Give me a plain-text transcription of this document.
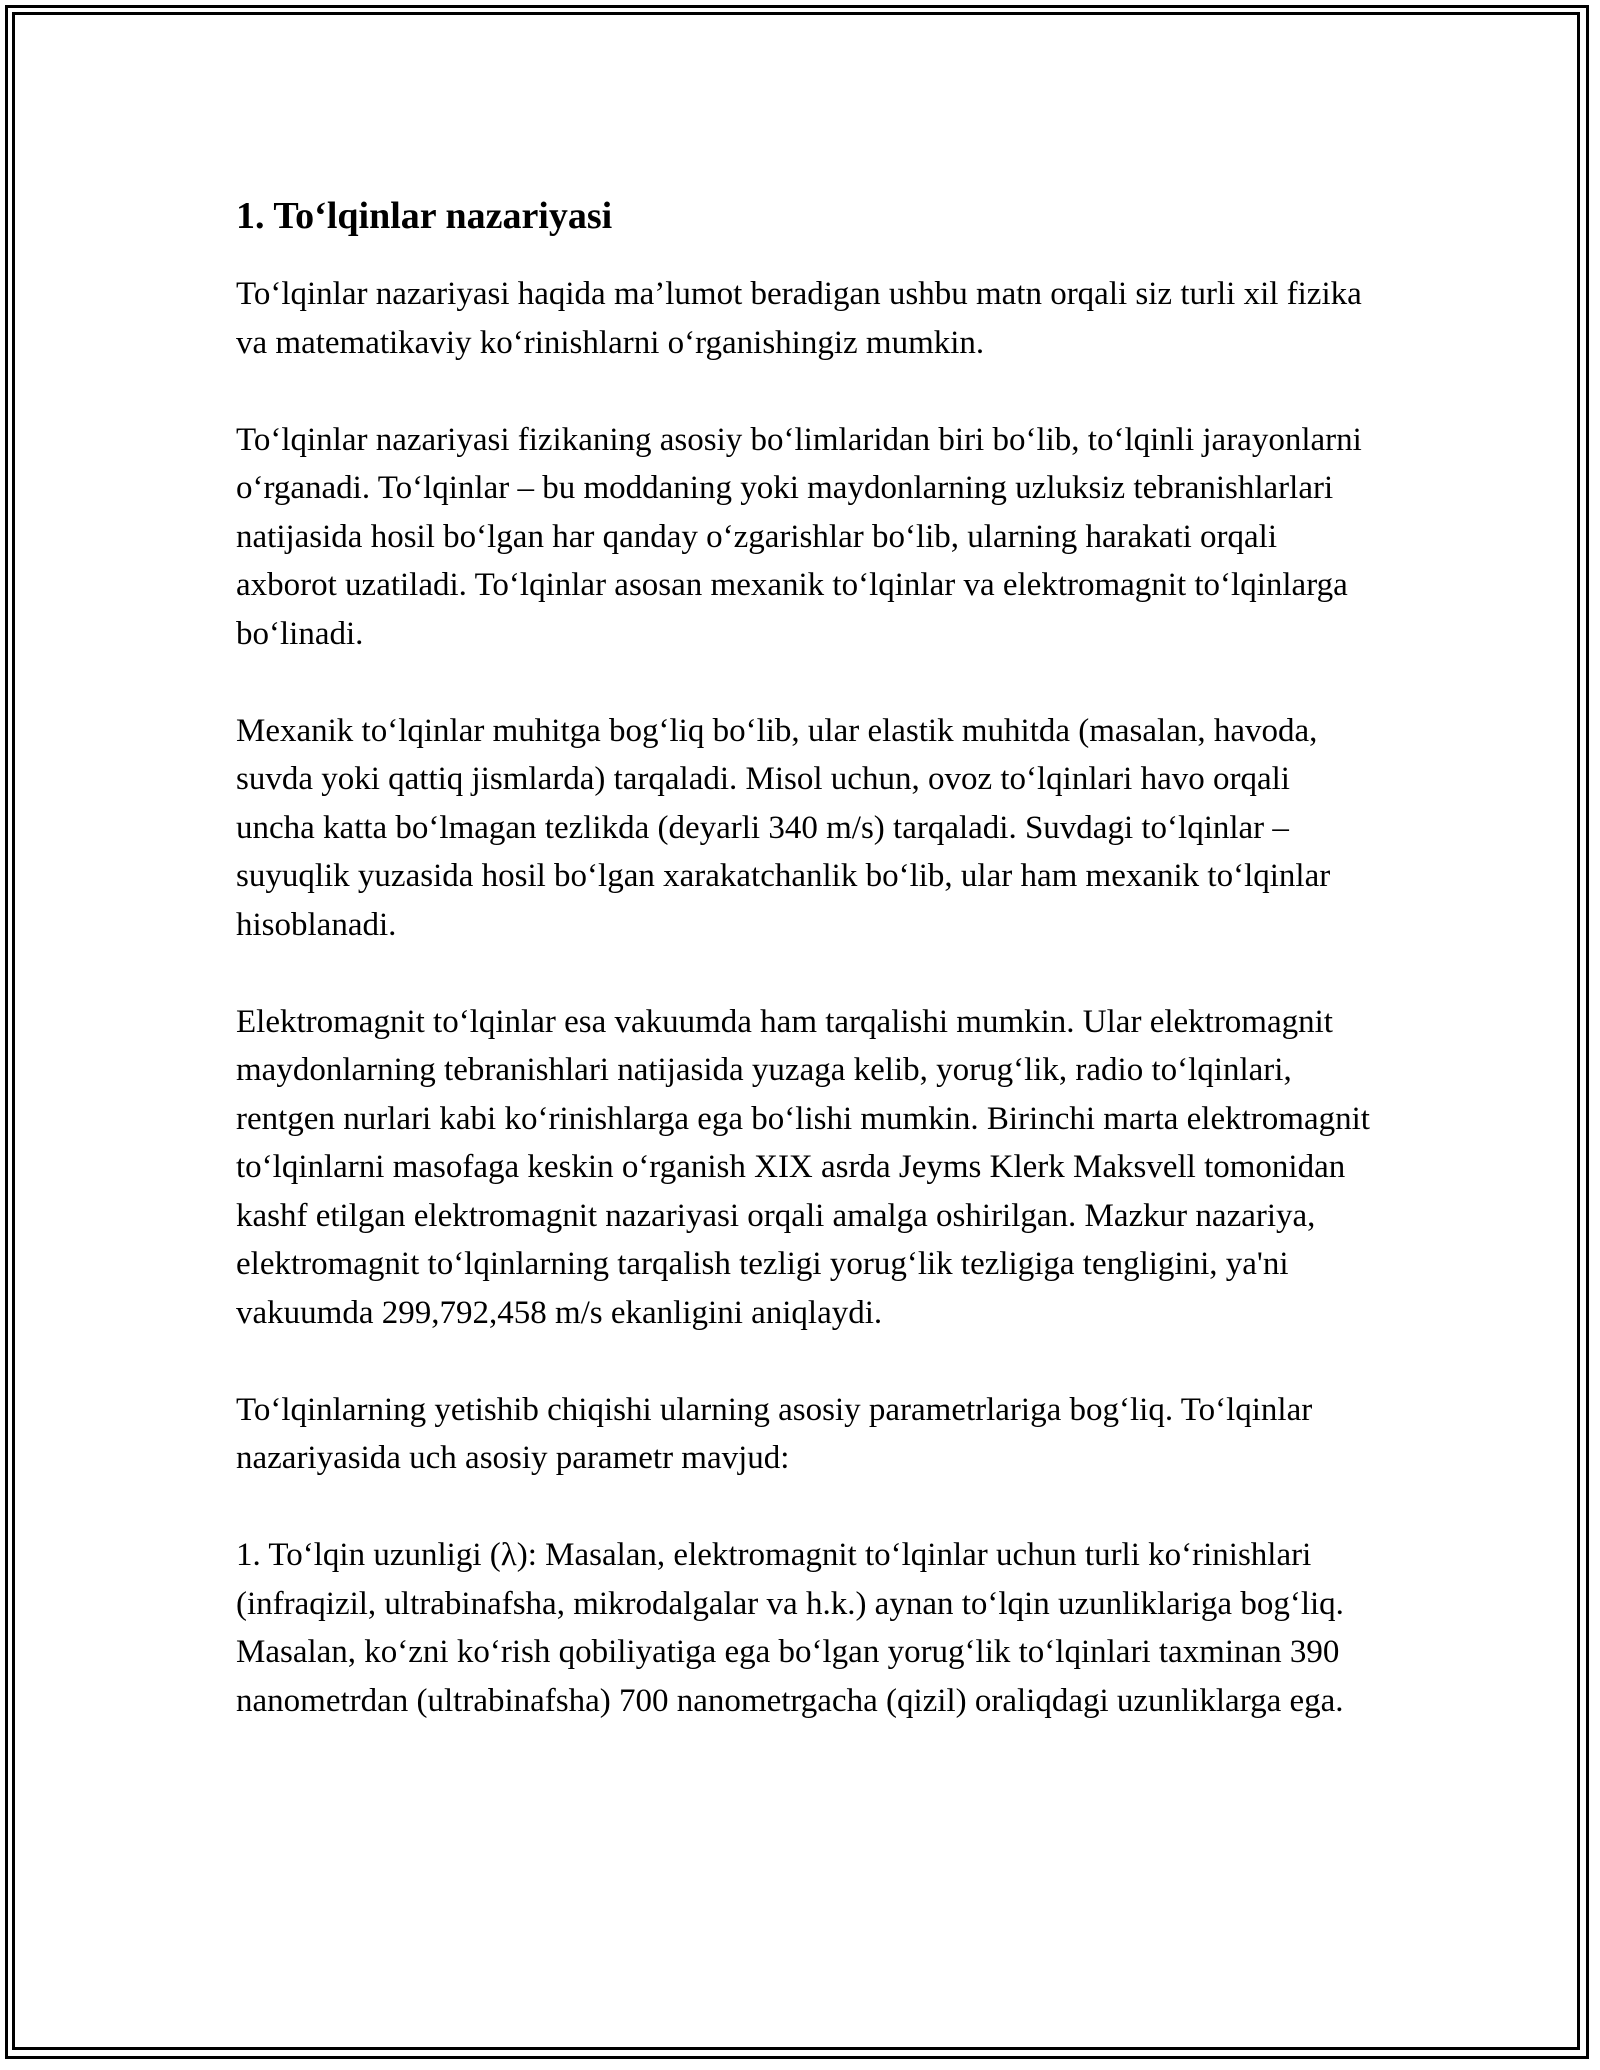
1. To‘lqinlar nazariyasi

To‘lqinlar nazariyasi haqida ma’lumot beradigan ushbu matn orqali siz turli xil fizika va matematikaviy ko‘rinishlarni o‘rganishingiz mumkin.

To‘lqinlar nazariyasi fizikaning asosiy bo‘limlaridan biri bo‘lib, to‘lqinli jarayonlarni o‘rganadi. To‘lqinlar – bu moddaning yoki maydonlarning uzluksiz tebranishlarlari natijasida hosil bo‘lgan har qanday o‘zgarishlar bo‘lib, ularning harakati orqali axborot uzatiladi. To‘lqinlar asosan mexanik to‘lqinlar va elektromagnit to‘lqinlarga bo‘linadi.

Mexanik to‘lqinlar muhitga bog‘liq bo‘lib, ular elastik muhitda (masalan, havoda, suvda yoki qattiq jismlarda) tarqaladi. Misol uchun, ovoz to‘lqinlari havo orqali uncha katta bo‘lmagan tezlikda (deyarli 340 m/s) tarqaladi. Suvdagi to‘lqinlar – suyuqlik yuzasida hosil bo‘lgan xarakatchanlik bo‘lib, ular ham mexanik to‘lqinlar hisoblanadi.

Elektromagnit to‘lqinlar esa vakuumda ham tarqalishi mumkin. Ular elektromagnit maydonlarning tebranishlari natijasida yuzaga kelib, yorug‘lik, radio to‘lqinlari, rentgen nurlari kabi ko‘rinishlarga ega bo‘lishi mumkin. Birinchi marta elektromagnit to‘lqinlarni masofaga keskin o‘rganish XIX asrda Jeyms Klerk Maksvell tomonidan kashf etilgan elektromagnit nazariyasi orqali amalga oshirilgan. Mazkur nazariya, elektromagnit to‘lqinlarning tarqalish tezligi yorug‘lik tezligiga tengligini, ya'ni vakuumda 299,792,458 m/s ekanligini aniqlaydi.

To‘lqinlarning yetishib chiqishi ularning asosiy parametrlariga bog‘liq. To‘lqinlar nazariyasida uch asosiy parametr mavjud:

1. To‘lqin uzunligi (λ): Masalan, elektromagnit to‘lqinlar uchun turli ko‘rinishlari (infraqizil, ultrabinafsha, mikrodalgalar va h.k.) aynan to‘lqin uzunliklariga bog‘liq. Masalan, ko‘zni ko‘rish qobiliyatiga ega bo‘lgan yorug‘lik to‘lqinlari taxminan 390 nanometrdan (ultrabinafsha) 700 nanometrgacha (qizil) oraliqdagi uzunliklarga ega.
